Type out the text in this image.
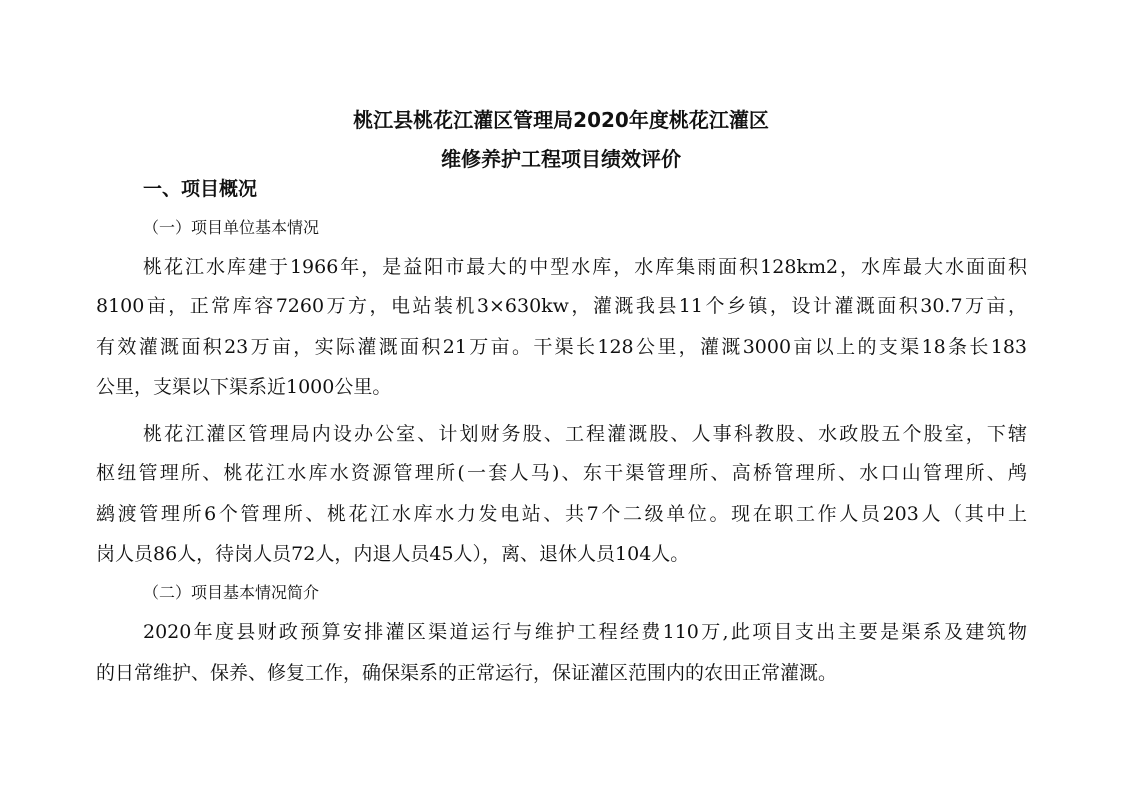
桃江县桃花江灌区管理局2020年度桃花江灌区
维修养护工程项目绩效评价
一、项目概况
（一）项目单位基本情况
桃花江水库建于1966年，是益阳市最大的中型水库，水库集雨面积128km2，水库最大水面面积
8100亩，正常库容7260万方，电站装机3×630kw，灌溉我县11个乡镇，设计灌溉面积30.7万亩，
有效灌溉面积23万亩，实际灌溉面积21万亩。干渠长128公里，灌溉3000亩以上的支渠18条长183
公里，支渠以下渠系近1000公里。
桃花江灌区管理局内设办公室、计划财务股、工程灌溉股、人事科教股、水政股五个股室，下辖
枢纽管理所、桃花江水库水资源管理所(一套人马)、东干渠管理所、高桥管理所、水口山管理所、鸬
鹚渡管理所6个管理所、桃花江水库水力发电站、共7个二级单位。现在职工作人员203人（其中上
岗人员86人，待岗人员72人，内退人员45人），离、退休人员104人。
（二）项目基本情况简介
2020年度县财政预算安排灌区渠道运行与维护工程经费110万,此项目支出主要是渠系及建筑物
的日常维护、保养、修复工作，确保渠系的正常运行，保证灌区范围内的农田正常灌溉。
